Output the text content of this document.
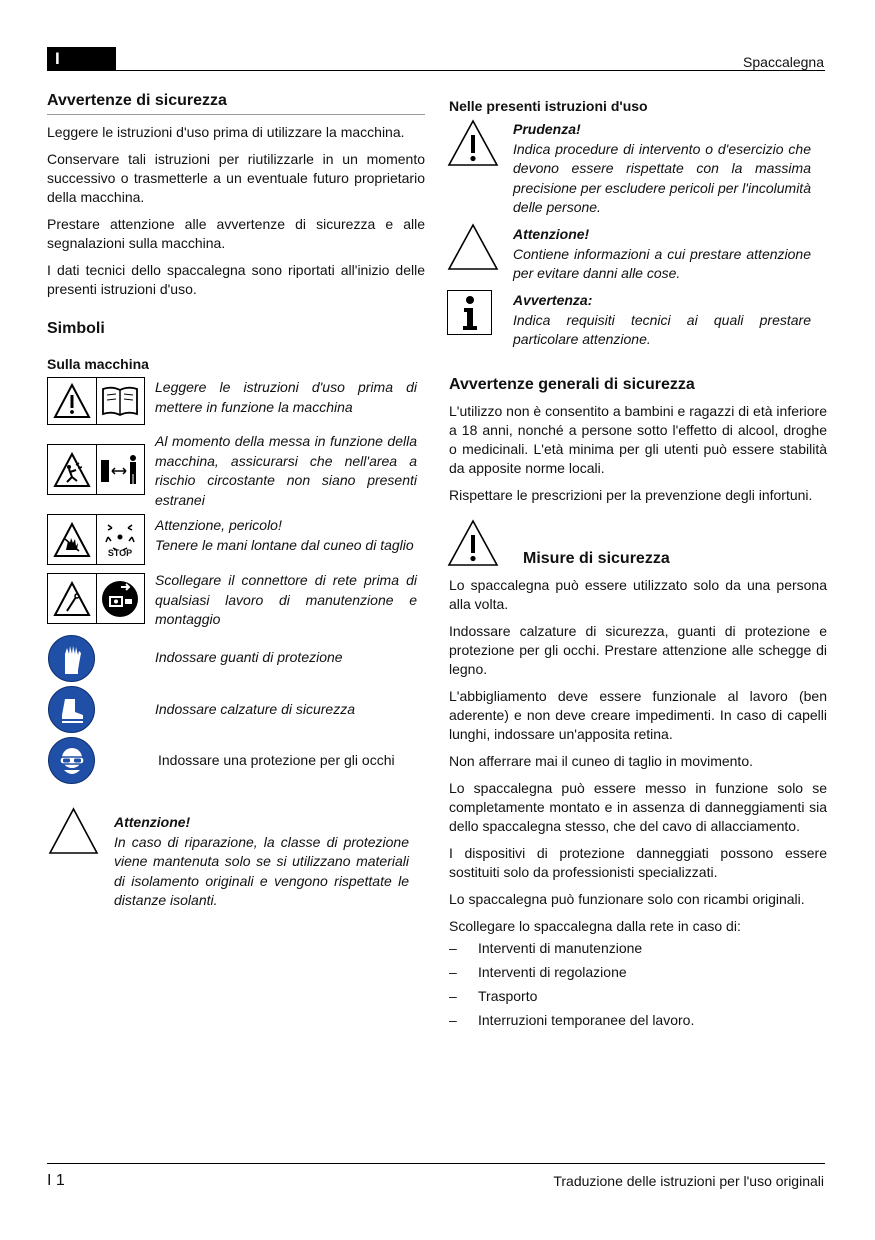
I	Spaccalegna
Avvertenze di sicurezza

Leggere le istruzioni d'uso prima di utilizzare la macchina.

Conservare tali istruzioni per riutilizzarle in un momento successivo o trasmetterle a un eventuale futuro proprietario della macchina.

Prestare attenzione alle avvertenze di sicurezza e alle segnalazioni sulla macchina.

I dati tecnici dello spaccalegna sono riportati all'inizio delle presenti istruzioni d'uso.

Simboli
Sulla macchina
Leggere le istruzioni d'uso prima di mettere in funzione la macchina
Al momento della messa in funzione della macchina, assicurarsi che nell'area a rischio circostante non siano presenti estranei
STOP
Attenzione, pericolo!
Tenere le mani lontane dal cuneo di taglio
Scollegare il connettore di rete prima di qualsiasi lavoro di manutenzione e montaggio
Indossare guanti di protezione
Indossare calzature di sicurezza
Indossare una protezione per gli occhi
Attenzione!
In caso di riparazione, la classe di protezione viene mantenuta solo se si utilizzano materiali di isolamento originali e vengono rispettate le distanze isolanti.
Nelle presenti istruzioni d'uso
Prudenza!
Indica procedure di intervento o d'esercizio che devono essere rispettate con la massima precisione per escludere pericoli per l'incolumità delle persone.
Attenzione!
Contiene informazioni a cui prestare attenzione per evitare danni alle cose.
Avvertenza:
Indica requisiti tecnici ai quali prestare particolare attenzione.
Avvertenze generali di sicurezza

L'utilizzo non è consentito a bambini e ragazzi di età inferiore a 18 anni, nonché a persone sotto l'effetto di alcool, droghe o medicinali. L'età minima per gli utenti può essere stabilità da apposite norme locali.

Rispettare le prescrizioni per la prevenzione degli infortuni.

Misure di sicurezza

Lo spaccalegna può essere utilizzato solo da una persona alla volta.

Indossare calzature di sicurezza, guanti di protezione e protezione per gli occhi. Prestare attenzione alle schegge di legno.

L'abbigliamento deve essere funzionale al lavoro (ben aderente) e non deve creare impedimenti. In caso di capelli lunghi, indossare un'apposita retina.

Non afferrare mai il cuneo di taglio in movimento.

Lo spaccalegna può essere messo in funzione solo se completamente montato e in assenza di danneggiamenti sia dello spaccalegna stesso, che del cavo di allacciamento.

I dispositivi di protezione danneggiati possono essere sostituiti solo da professionisti specializzati.

Lo spaccalegna può funzionare solo con ricambi originali.

Scollegare lo spaccalegna dalla rete in caso di:

– Interventi di manutenzione
– Interventi di regolazione
– Trasporto
– Interruzioni temporanee del lavoro.
I 1	Traduzione delle istruzioni per l'uso originali
